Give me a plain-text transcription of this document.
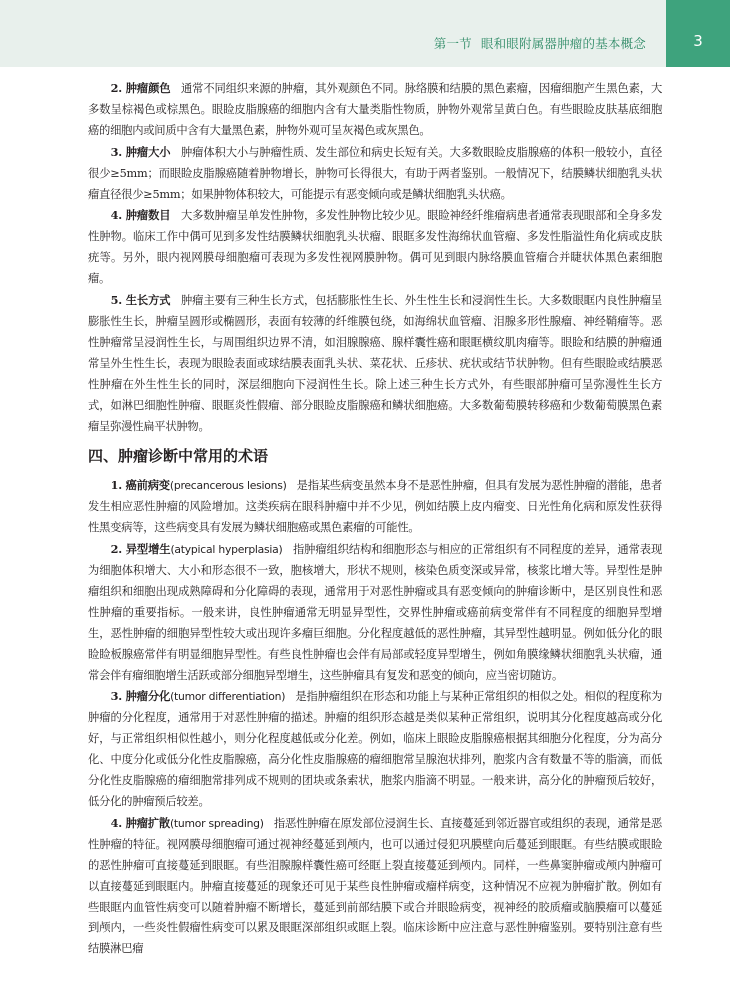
第一节 眼和眼附属器肿瘤的基本概念	3

2. 肿瘤颜色 通常不同组织来源的肿瘤，其外观颜色不同。脉络膜和结膜的黑色素瘤，因瘤细胞产生黑色素，大多数呈棕褐色或棕黑色。眼睑皮脂腺癌的细胞内含有大量类脂性物质，肿物外观常呈黄白色。有些眼睑皮肤基底细胞癌的细胞内或间质中含有大量黑色素，肿物外观可呈灰褐色或灰黑色。

3. 肿瘤大小 肿瘤体积大小与肿瘤性质、发生部位和病史长短有关。大多数眼睑皮脂腺癌的体积一般较小，直径很少≥5mm；而眼睑皮脂腺癌随着肿物增长，肿物可长得很大，有助于两者鉴别。一般情况下，结膜鳞状细胞乳头状瘤直径很少≥5mm；如果肿物体积较大，可能提示有恶变倾向或是鳞状细胞乳头状癌。

4. 肿瘤数目 大多数肿瘤呈单发性肿物，多发性肿物比较少见。眼睑神经纤维瘤病患者通常表现眼部和全身多发性肿物。临床工作中偶可见到多发性结膜鳞状细胞乳头状瘤、眼眶多发性海绵状血管瘤、多发性脂溢性角化病或皮肤疣等。另外，眼内视网膜母细胞瘤可表现为多发性视网膜肿物。偶可见到眼内脉络膜血管瘤合并睫状体黑色素细胞瘤。

5. 生长方式 肿瘤主要有三种生长方式，包括膨胀性生长、外生性生长和浸润性生长。大多数眼眶内良性肿瘤呈膨胀性生长，肿瘤呈圆形或椭圆形，表面有较薄的纤维膜包绕，如海绵状血管瘤、泪腺多形性腺瘤、神经鞘瘤等。恶性肿瘤常呈浸润性生长，与周围组织边界不清，如泪腺腺癌、腺样囊性癌和眼眶横纹肌肉瘤等。眼睑和结膜的肿瘤通常呈外生性生长，表现为眼睑表面或球结膜表面乳头状、菜花状、丘疹状、疣状或结节状肿物。但有些眼睑或结膜恶性肿瘤在外生性生长的同时，深层细胞向下浸润性生长。除上述三种生长方式外，有些眼部肿瘤可呈弥漫性生长方式，如淋巴细胞性肿瘤、眼眶炎性假瘤、部分眼睑皮脂腺癌和鳞状细胞癌。大多数葡萄膜转移癌和少数葡萄膜黑色素瘤呈弥漫性扁平状肿物。

四、肿瘤诊断中常用的术语

1. 癌前病变(precancerous lesions) 是指某些病变虽然本身不是恶性肿瘤，但具有发展为恶性肿瘤的潜能，患者发生相应恶性肿瘤的风险增加。这类疾病在眼科肿瘤中并不少见，例如结膜上皮内瘤变、日光性角化病和原发性获得性黑变病等，这些病变具有发展为鳞状细胞癌或黑色素瘤的可能性。

2. 异型增生(atypical hyperplasia) 指肿瘤组织结构和细胞形态与相应的正常组织有不同程度的差异，通常表现为细胞体积增大、大小和形态很不一致，胞核增大，形状不规则，核染色质变深或异常，核浆比增大等。异型性是肿瘤组织和细胞出现成熟障碍和分化障碍的表现，通常用于对恶性肿瘤或具有恶变倾向的肿瘤诊断中，是区别良性和恶性肿瘤的重要指标。一般来讲，良性肿瘤通常无明显异型性，交界性肿瘤或癌前病变常伴有不同程度的细胞异型增生，恶性肿瘤的细胞异型性较大或出现许多瘤巨细胞。分化程度越低的恶性肿瘤，其异型性越明显。例如低分化的眼睑睑板腺癌常伴有明显细胞异型性。有些良性肿瘤也会伴有局部或轻度异型增生，例如角膜缘鳞状细胞乳头状瘤，通常会伴有瘤细胞增生活跃或部分细胞异型增生，这些肿瘤具有复发和恶变的倾向，应当密切随访。

3. 肿瘤分化(tumor differentiation) 是指肿瘤组织在形态和功能上与某种正常组织的相似之处。相似的程度称为肿瘤的分化程度，通常用于对恶性肿瘤的描述。肿瘤的组织形态越是类似某种正常组织，说明其分化程度越高或分化好，与正常组织相似性越小，则分化程度越低或分化差。例如，临床上眼睑皮脂腺癌根据其细胞分化程度，分为高分化、中度分化或低分化性皮脂腺癌，高分化性皮脂腺癌的瘤细胞常呈腺泡状排列，胞浆内含有数量不等的脂滴，而低分化性皮脂腺癌的瘤细胞常排列成不规则的团块或条索状，胞浆内脂滴不明显。一般来讲，高分化的肿瘤预后较好，低分化的肿瘤预后较差。

4. 肿瘤扩散(tumor spreading) 指恶性肿瘤在原发部位浸润生长、直接蔓延到邻近器官或组织的表现，通常是恶性肿瘤的特征。视网膜母细胞瘤可通过视神经蔓延到颅内，也可以通过侵犯巩膜壁向后蔓延到眼眶。有些结膜或眼睑的恶性肿瘤可直接蔓延到眼眶。有些泪腺腺样囊性癌可经眶上裂直接蔓延到颅内。同样，一些鼻窦肿瘤或颅内肿瘤可以直接蔓延到眼眶内。肿瘤直接蔓延的现象还可见于某些良性肿瘤或瘤样病变，这种情况不应视为肿瘤扩散。例如有些眼眶内血管性病变可以随着肿瘤不断增长，蔓延到前部结膜下或合并眼睑病变，视神经的胶质瘤或脑膜瘤可以蔓延到颅内，一些炎性假瘤性病变可以累及眼眶深部组织或眶上裂。临床诊断中应注意与恶性肿瘤鉴别。要特别注意有些结膜淋巴瘤
